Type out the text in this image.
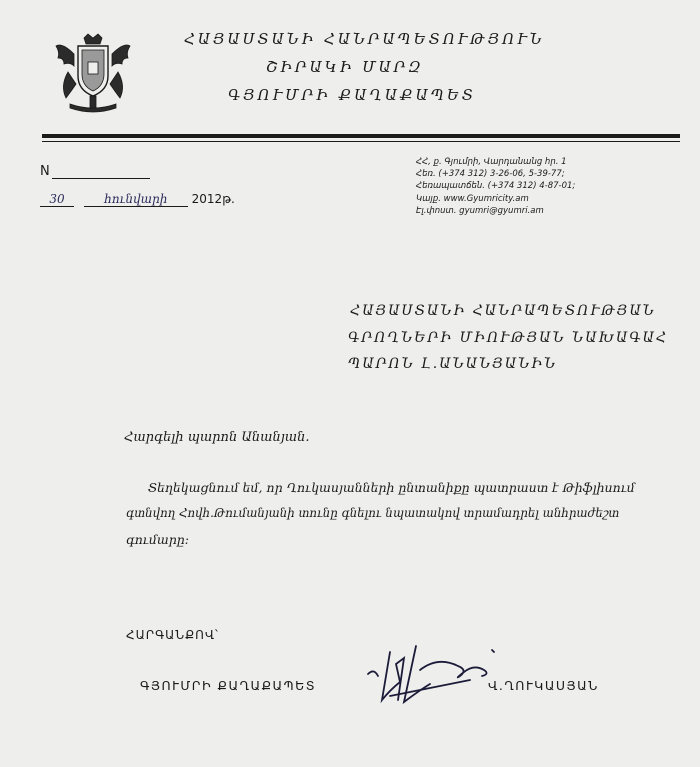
ՀԱՅԱՍՏԱՆԻ ՀԱՆՐԱՊԵՏՈՒԹՅՈՒՆ
ՇԻՐԱԿԻ ՄԱՐԶ
ԳՅՈՒՄՐԻ ՔԱՂԱՔԱՊԵՏ
N
30	հունվարի 2012թ.
ՀՀ, ք. Գյումրի, Վարդանանց հր. 1
Հեռ. (+374 312) 3-26-06, 5-39-77;
Հեռապատճեն. (+374 312) 4-87-01;
Կայք. www.Gyumricity.am
Էլ.փոստ. gyumri@gyumri.am
ՀԱՅԱՍՏԱՆԻ ՀԱՆՐԱՊԵՏՈՒԹՅԱՆ
ԳՐՈՂՆԵՐԻ ՄԻՈՒԹՅԱՆ ՆԱԽԱԳԱՀ
ՊԱՐՈՆ Լ.ԱՆԱՆՅԱՆԻՆ
Հարգելի պարոն Անանյան.
Տեղեկացնում եմ, որ Ղուկասյանների ընտանիքը պատրաստ է Թիֆլիսում
գտնվող Հովհ.Թումանյանի տունը գնելու նպատակով տրամադրել անհրաժեշտ
գումարը:
ՀԱՐԳԱՆՔՈՎ՝
ԳՅՈՒՄՐԻ ՔԱՂԱՔԱՊԵՏ	Վ.ՂՈՒԿԱՍՅԱՆ
